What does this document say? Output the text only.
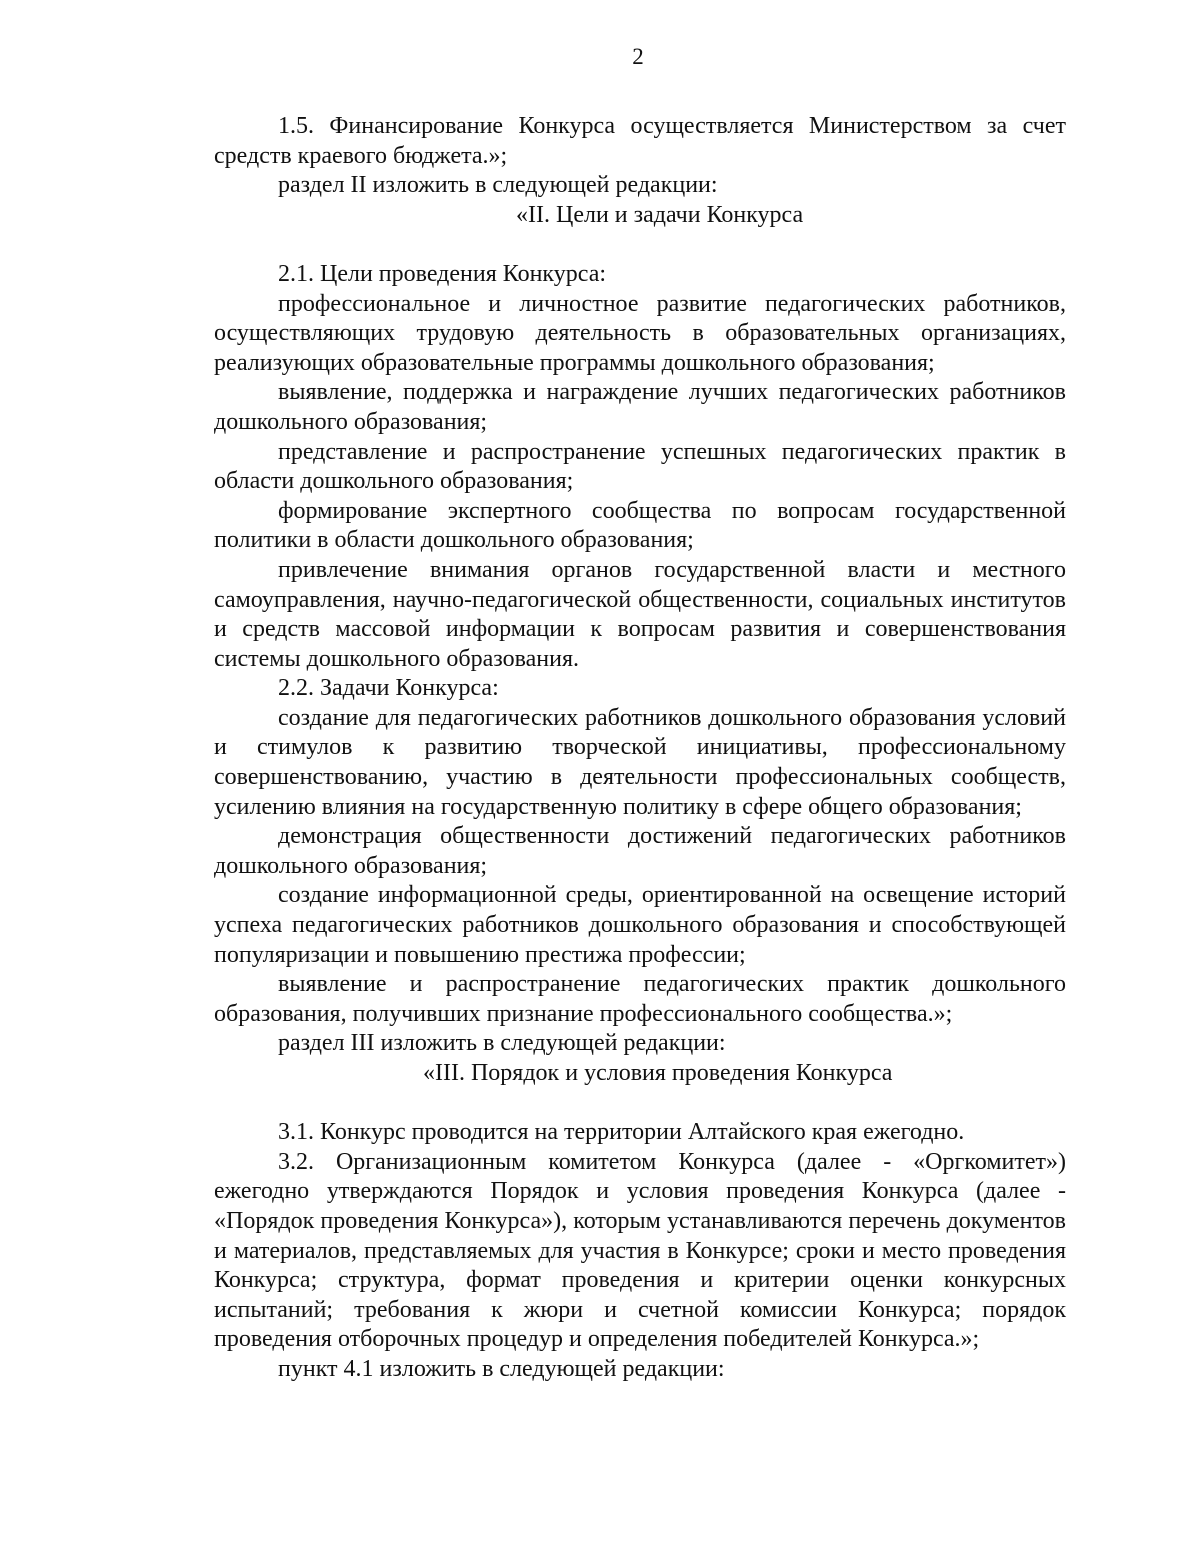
2

1.5. Финансирование Конкурса осуществляется Министерством за счет средств краевого бюджета.»;

раздел II изложить в следующей редакции:

«II. Цели и задачи Конкурса

2.1. Цели проведения Конкурса:

профессиональное и личностное развитие педагогических работников, осуществляющих трудовую деятельность в образовательных организациях, реализующих образовательные программы дошкольного образования;

выявление, поддержка и награждение лучших педагогических работников дошкольного образования;

представление и распространение успешных педагогических практик в области дошкольного образования;

формирование экспертного сообщества по вопросам государственной политики в области дошкольного образования;

привлечение внимания органов государственной власти и местного самоуправления, научно-педагогической общественности, социальных институтов и средств массовой информации к вопросам развития и совершенствования системы дошкольного образования.

2.2. Задачи Конкурса:

создание для педагогических работников дошкольного образования условий и стимулов к развитию творческой инициативы, профессиональному совершенствованию, участию в деятельности профессиональных сообществ, усилению влияния на государственную политику в сфере общего образования;

демонстрация общественности достижений педагогических работников дошкольного образования;

создание информационной среды, ориентированной на освещение историй успеха педагогических работников дошкольного образования и способствующей популяризации и повышению престижа профессии;

выявление и распространение педагогических практик дошкольного образования, получивших признание профессионального сообщества.»;

раздел III изложить в следующей редакции:

«III. Порядок и условия проведения Конкурса

3.1. Конкурс проводится на территории Алтайского края ежегодно.

3.2. Организационным комитетом Конкурса (далее - «Оргкомитет») ежегодно утверждаются Порядок и условия проведения Конкурса (далее - «Порядок проведения Конкурса»), которым устанавливаются перечень документов и материалов, представляемых для участия в Конкурсе; сроки и место проведения Конкурса; структура, формат проведения и критерии оценки конкурсных испытаний; требования к жюри и счетной комиссии Конкурса; порядок проведения отборочных процедур и определения победителей Конкурса.»;

пункт 4.1 изложить в следующей редакции:
